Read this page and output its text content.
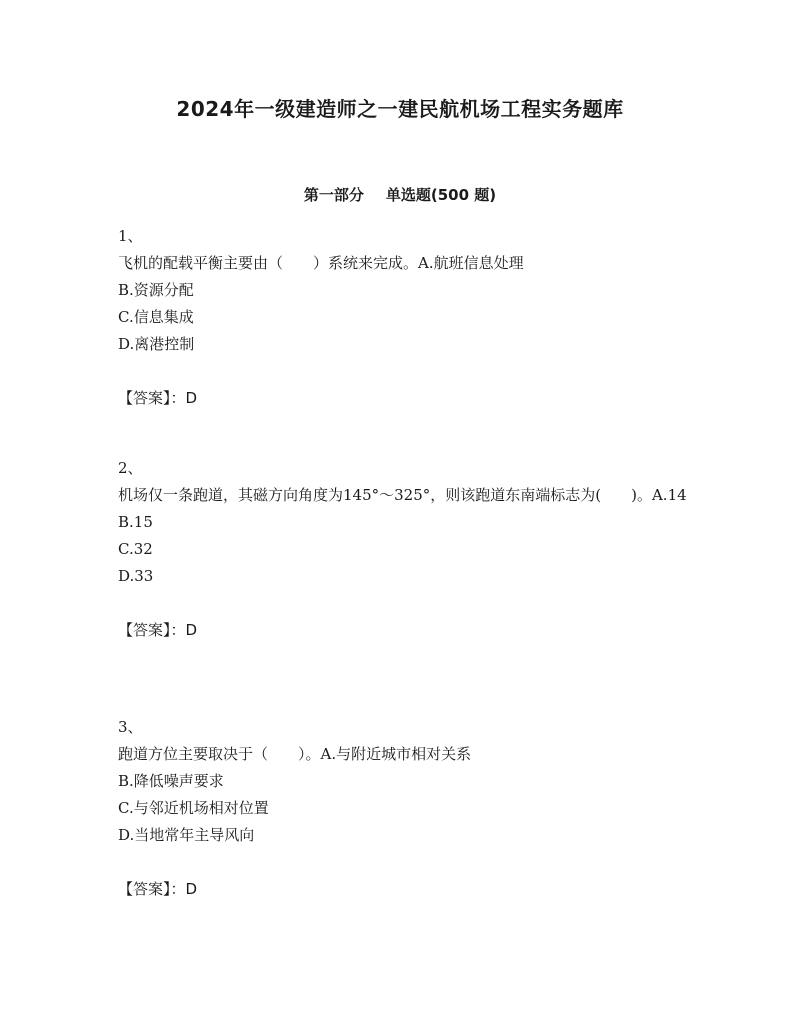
2024年一级建造师之一建民航机场工程实务题库
第一部分 单选题(500 题)
1、
飞机的配载平衡主要由（　　）系统来完成。A.航班信息处理
B.资源分配
C.信息集成
D.离港控制
【答案】：D
2、
机场仅一条跑道，其磁方向角度为145°～325°，则该跑道东南端标志为(　　)。A.14
B.15
C.32
D.33
【答案】：D
3、
跑道方位主要取决于（　　）。A.与附近城市相对关系
B.降低噪声要求
C.与邻近机场相对位置
D.当地常年主导风向
【答案】：D
